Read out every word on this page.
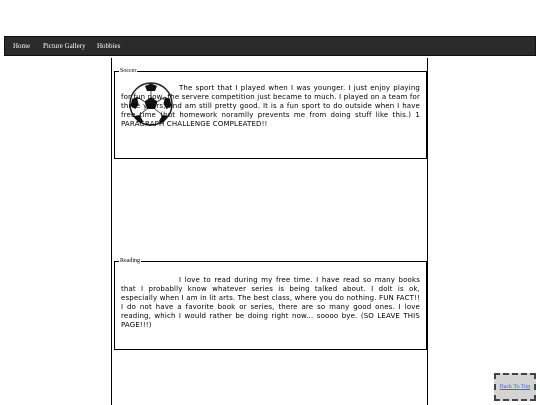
Home Picture Gallery Hobbies
Soccer
The sport that I played when I was younger. I just enjoy playing for fun now, the servere competition just became to much. I played on a team for three years, and am still pretty good. It is a fun sport to do outside when I have free time (but homework noramlly prevents me from doing stuff like this.) 1 PARAGRAPH CHALLENGE COMPLEATED!!
Reading
I love to read during my free time. I have read so many books that I probablly know whatever series is being talked about. I dolt is ok, especially when I am in lit arts. The best class, where you do nothing. FUN FACT!! I do not have a favorite book or series, there are so many good ones. I love reading, which I would rather be doing right now... soooo bye. (SO LEAVE THIS PAGE!!!)
Back To Top
